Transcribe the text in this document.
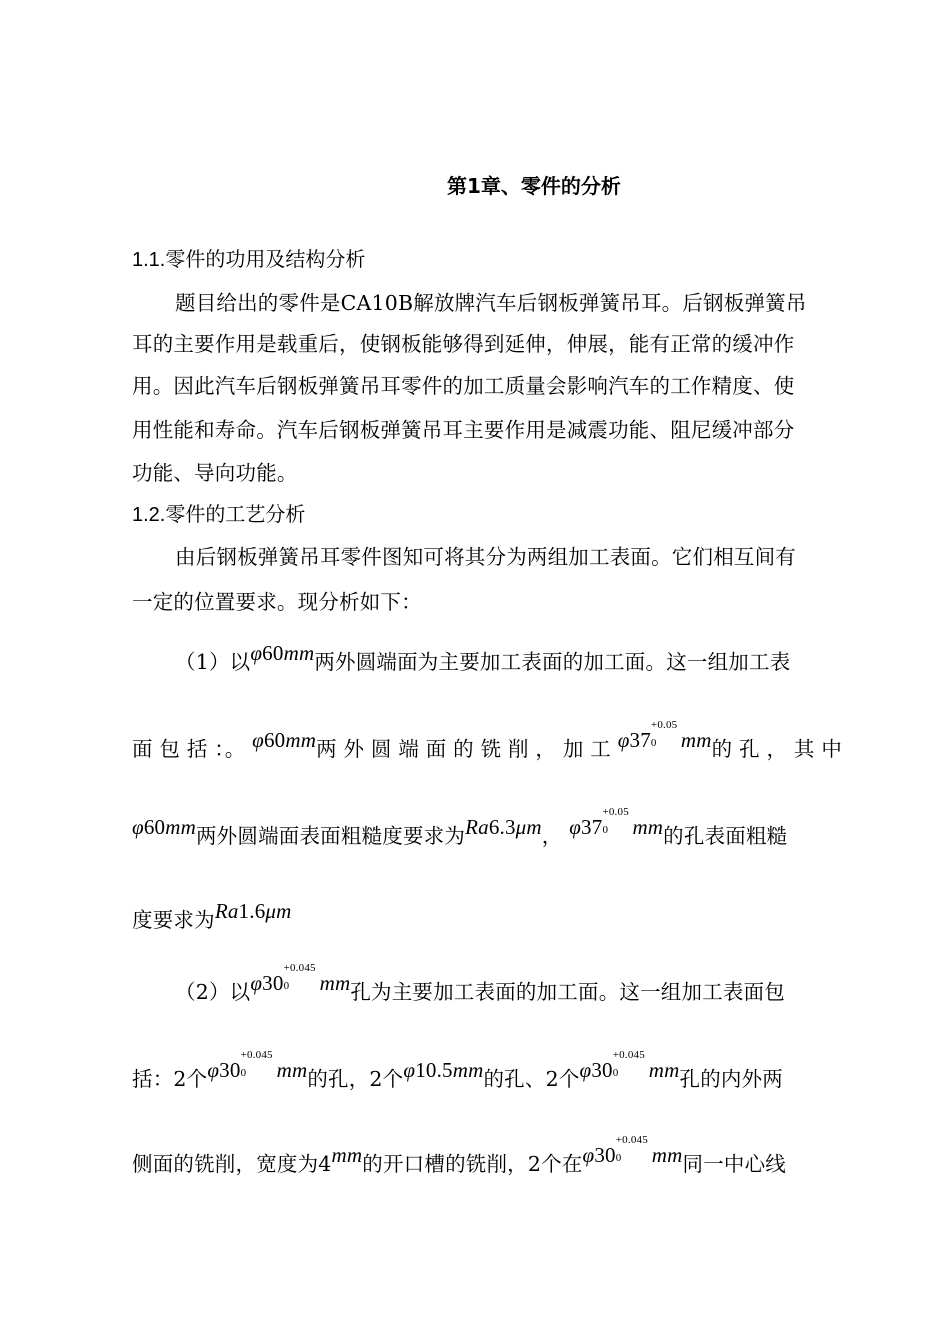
第1章、零件的分析
1.1.零件的功用及结构分析
题目给出的零件是CA10B解放牌汽车后钢板弹簧吊耳。后钢板弹簧吊
耳的主要作用是载重后，使钢板能够得到延伸，伸展，能有正常的缓冲作
用。因此汽车后钢板弹簧吊耳零件的加工质量会影响汽车的工作精度、使
用性能和寿命。汽车后钢板弹簧吊耳主要作用是减震功能、阻尼缓冲部分
功能、导向功能。
1.2.零件的工艺分析
由后钢板弹簧吊耳零件图知可将其分为两组加工表面。它们相互间有
一定的位置要求。现分析如下：
（1）以φ60mm两外圆端面为主要加工表面的加工面。这一组加工表
面 包 括 ：。 φ60mm两 外 圆 端 面 的 铣 削 ， 加 工 φ37
+0.05
0 mm的 孔 ， 其 中
φ60mm两外圆端面表面粗糙度要求为Ra6.3μm， φ37
+0.05
0 mm的孔表面粗糙
度要求为Ra1.6μm
（2）以φ30
+0.045
0 mm孔为主要加工表面的加工面。这一组加工表面包
括：2个φ30
+0.045
0 mm的孔，2个φ10.5mm的孔、2个φ30
+0.045
0 mm孔的内外两
侧面的铣削，宽度为4mm的开口槽的铣削，2个在φ30
+0.045
0 mm同一中心线
